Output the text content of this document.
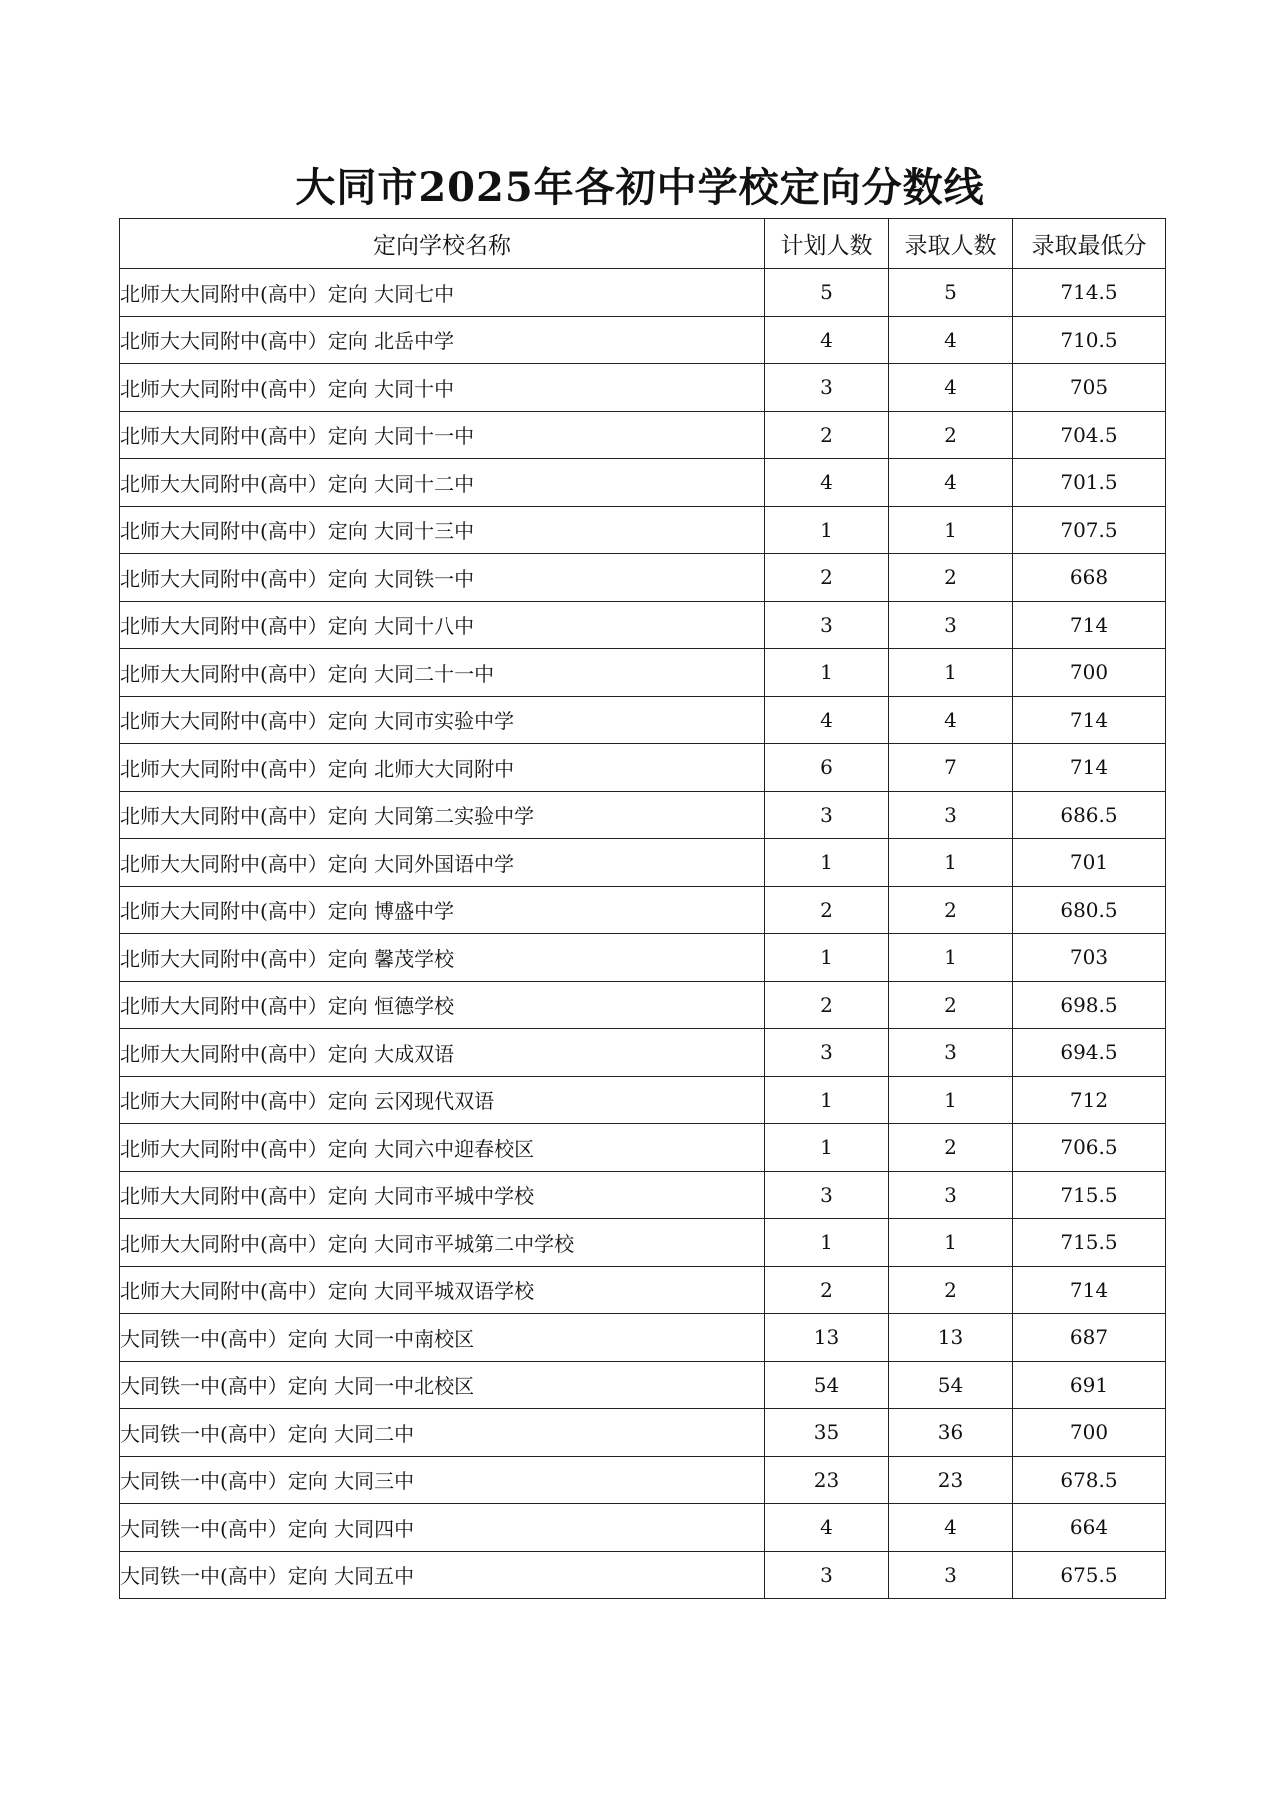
大同市2025年各初中学校定向分数线
定向学校名称	计划人数	录取人数	录取最低分
北师大大同附中(高中）定向 大同七中	5	5	714.5
北师大大同附中(高中）定向 北岳中学	4	4	710.5
北师大大同附中(高中）定向 大同十中	3	4	705
北师大大同附中(高中）定向 大同十一中	2	2	704.5
北师大大同附中(高中）定向 大同十二中	4	4	701.5
北师大大同附中(高中）定向 大同十三中	1	1	707.5
北师大大同附中(高中）定向 大同铁一中	2	2	668
北师大大同附中(高中）定向 大同十八中	3	3	714
北师大大同附中(高中）定向 大同二十一中	1	1	700
北师大大同附中(高中）定向 大同市实验中学	4	4	714
北师大大同附中(高中）定向 北师大大同附中	6	7	714
北师大大同附中(高中）定向 大同第二实验中学	3	3	686.5
北师大大同附中(高中）定向 大同外国语中学	1	1	701
北师大大同附中(高中）定向 博盛中学	2	2	680.5
北师大大同附中(高中）定向 馨茂学校	1	1	703
北师大大同附中(高中）定向 恒德学校	2	2	698.5
北师大大同附中(高中）定向 大成双语	3	3	694.5
北师大大同附中(高中）定向 云冈现代双语	1	1	712
北师大大同附中(高中）定向 大同六中迎春校区	1	2	706.5
北师大大同附中(高中）定向 大同市平城中学校	3	3	715.5
北师大大同附中(高中）定向 大同市平城第二中学校	1	1	715.5
北师大大同附中(高中）定向 大同平城双语学校	2	2	714
大同铁一中(高中）定向 大同一中南校区	13	13	687
大同铁一中(高中）定向 大同一中北校区	54	54	691
大同铁一中(高中）定向 大同二中	35	36	700
大同铁一中(高中）定向 大同三中	23	23	678.5
大同铁一中(高中）定向 大同四中	4	4	664
大同铁一中(高中）定向 大同五中	3	3	675.5
